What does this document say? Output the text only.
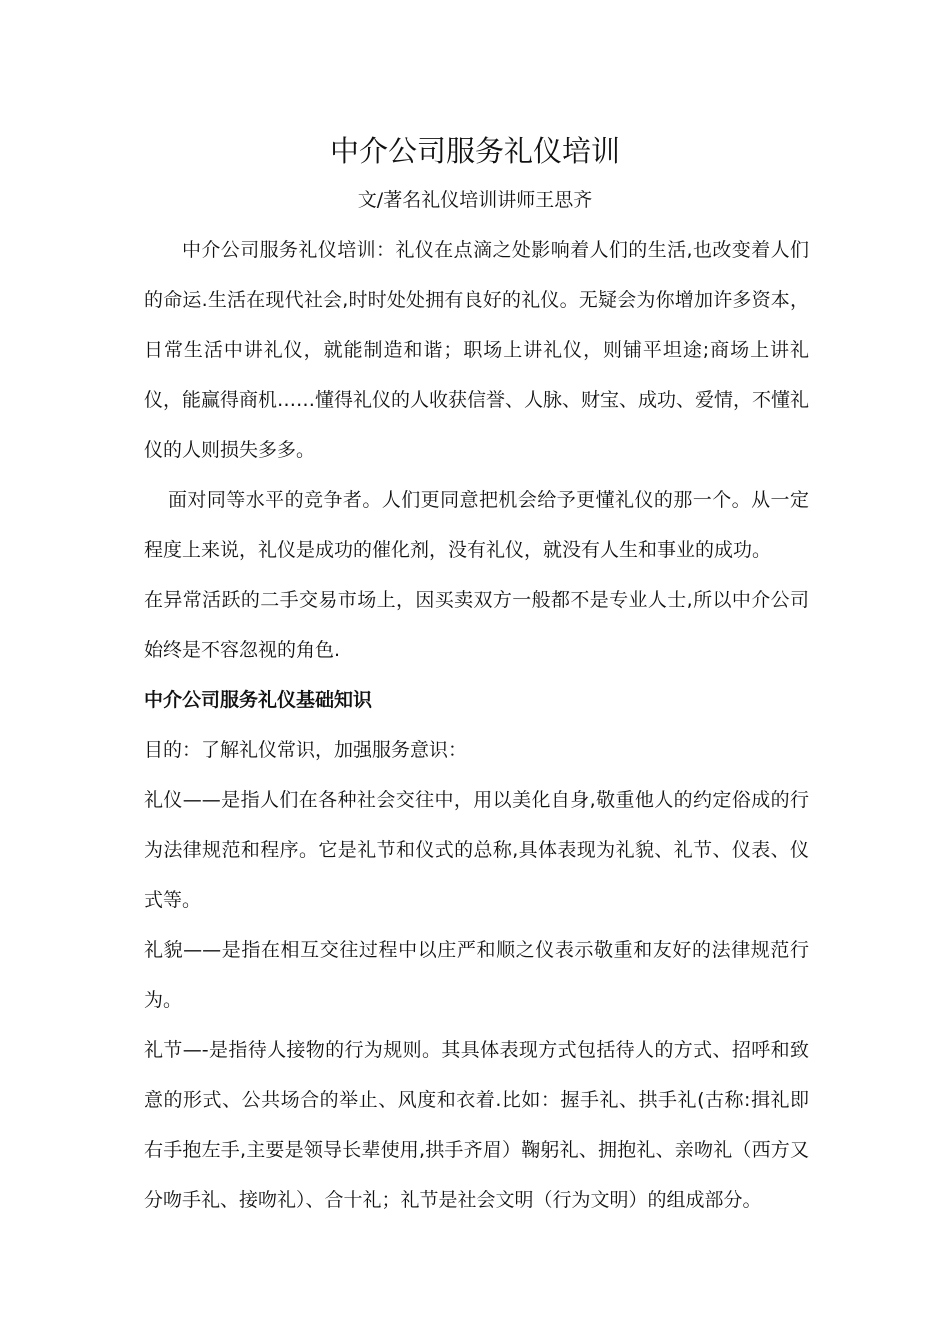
中介公司服务礼仪培训

文/著名礼仪培训讲师王思齐

中介公司服务礼仪培训：礼仪在点滴之处影响着人们的生活,也改变着人们的命运.生活在现代社会,时时处处拥有良好的礼仪。无疑会为你增加许多资本，日常生活中讲礼仪，就能制造和谐；职场上讲礼仪，则铺平坦途;商场上讲礼仪，能赢得商机……懂得礼仪的人收获信誉、人脉、财宝、成功、爱情，不懂礼仪的人则损失多多。

面对同等水平的竞争者。人们更同意把机会给予更懂礼仪的那一个。从一定程度上来说，礼仪是成功的催化剂，没有礼仪，就没有人生和事业的成功。

在异常活跃的二手交易市场上，因买卖双方一般都不是专业人士,所以中介公司始终是不容忽视的角色.

中介公司服务礼仪基础知识

目的：了解礼仪常识，加强服务意识：

礼仪——是指人们在各种社会交往中，用以美化自身,敬重他人的约定俗成的行为法律规范和程序。它是礼节和仪式的总称,具体表现为礼貌、礼节、仪表、仪式等。

礼貌——是指在相互交往过程中以庄严和顺之仪表示敬重和友好的法律规范行为。

礼节—-是指待人接物的行为规则。其具体表现方式包括待人的方式、招呼和致意的形式、公共场合的举止、风度和衣着.比如：握手礼、拱手礼(古称:揖礼即右手抱左手,主要是领导长辈使用,拱手齐眉）鞠躬礼、拥抱礼、亲吻礼（西方又分吻手礼、接吻礼）、合十礼；礼节是社会文明（行为文明）的组成部分。
